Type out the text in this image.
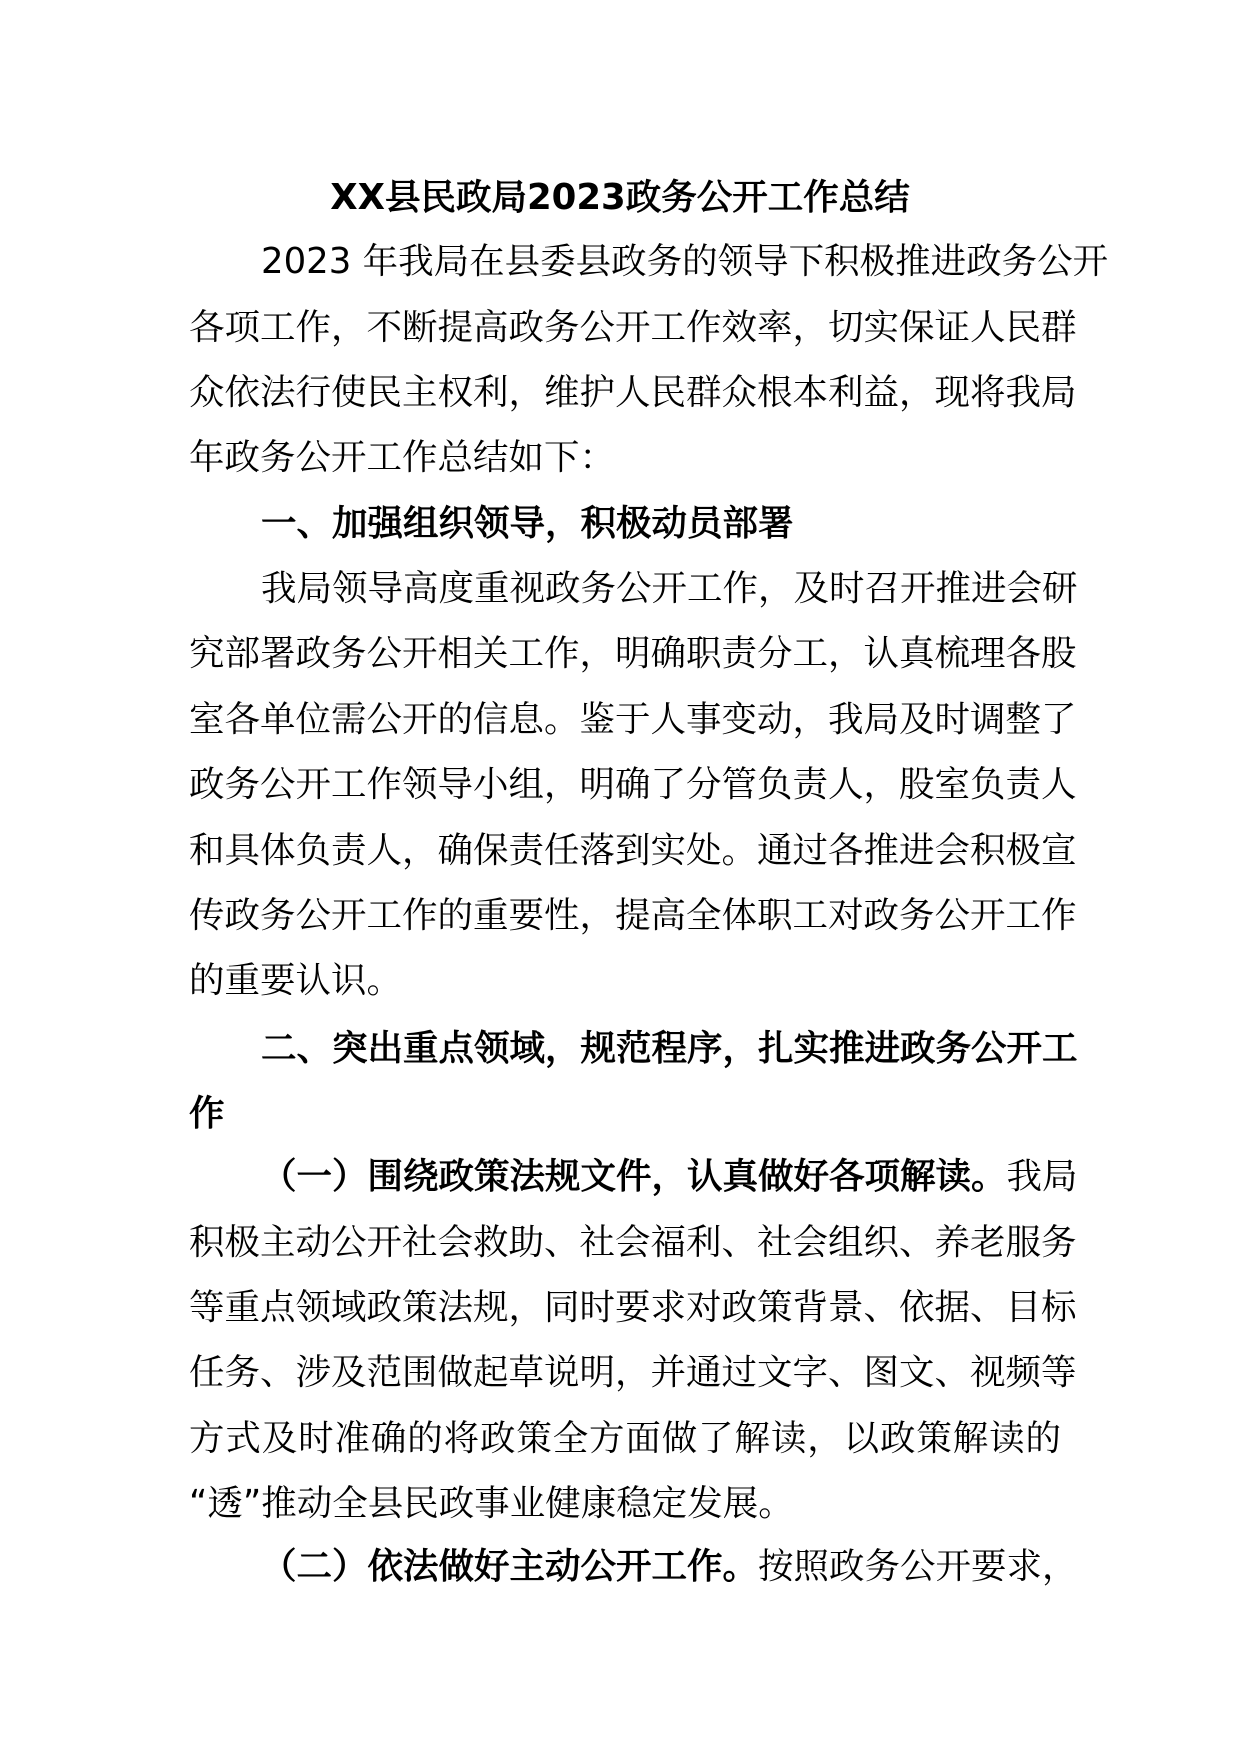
XX县民政局2023政务公开工作总结
2023 年我局在县委县政务的领导下积极推进政务公开
各项工作，不断提高政务公开工作效率，切实保证人民群
众依法行使民主权利，维护人民群众根本利益，现将我局
年政务公开工作总结如下：
一、加强组织领导，积极动员部署
我局领导高度重视政务公开工作，及时召开推进会研
究部署政务公开相关工作，明确职责分工，认真梳理各股
室各单位需公开的信息。鉴于人事变动，我局及时调整了
政务公开工作领导小组，明确了分管负责人，股室负责人
和具体负责人，确保责任落到实处。通过各推进会积极宣
传政务公开工作的重要性，提高全体职工对政务公开工作
的重要认识。
二、突出重点领域，规范程序，扎实推进政务公开工
作
（一）围绕政策法规文件，认真做好各项解读。我局
积极主动公开社会救助、社会福利、社会组织、养老服务
等重点领域政策法规，同时要求对政策背景、依据、目标
任务、涉及范围做起草说明，并通过文字、图文、视频等
方式及时准确的将政策全方面做了解读，以政策解读的
“透”推动全县民政事业健康稳定发展。
（二）依法做好主动公开工作。按照政务公开要求，
